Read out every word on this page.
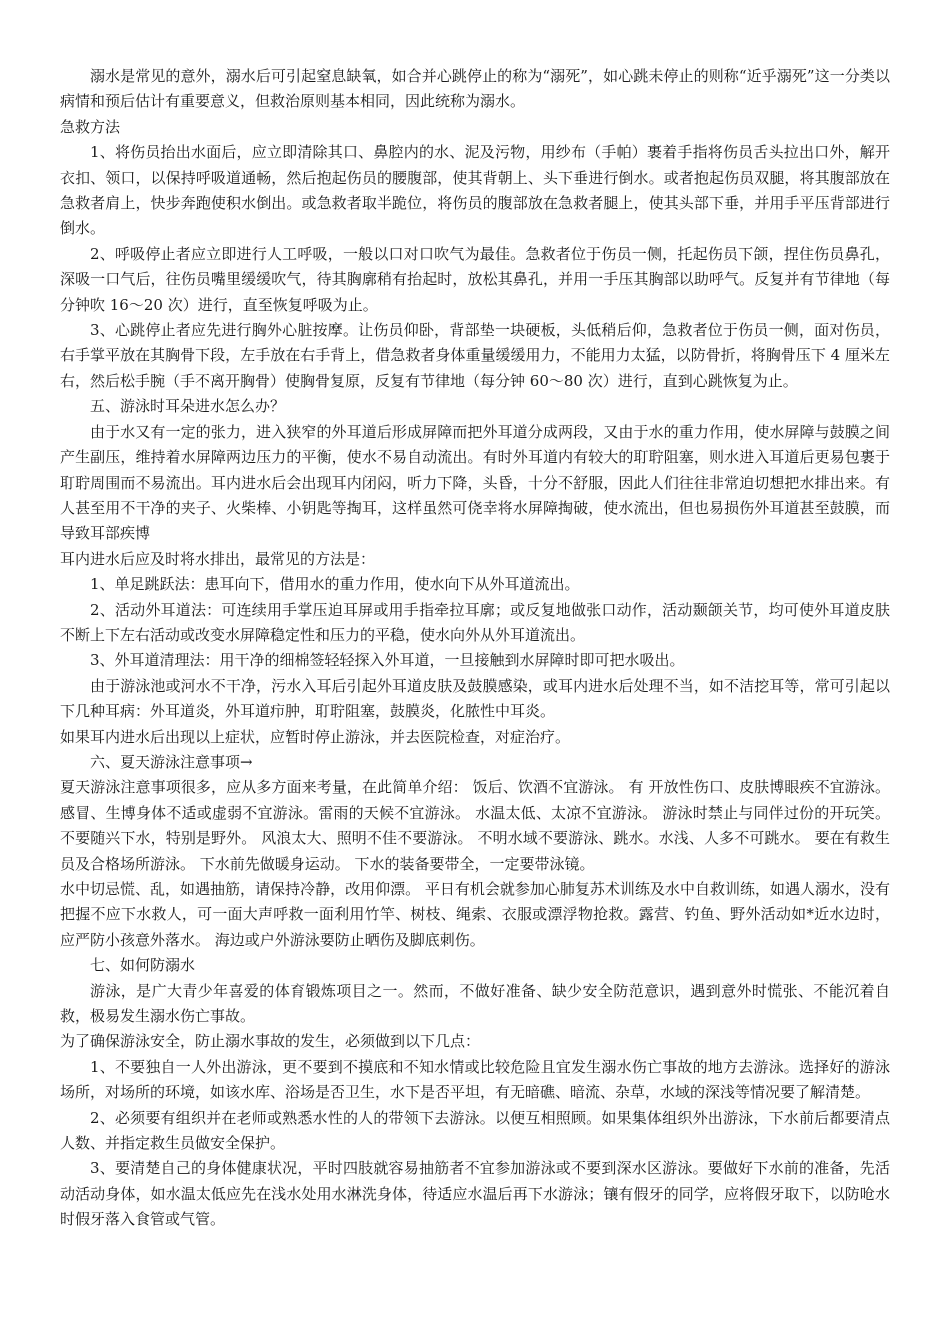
溺水是常见的意外，溺水后可引起窒息缺氧，如合并心跳停止的称为“溺死”，如心跳未停止的则称“近乎溺死”这一分类以病情和预后估计有重要意义，但救治原则基本相同，因此统称为溺水。

急救方法

1、将伤员抬出水面后，应立即清除其口、鼻腔内的水、泥及污物，用纱布（手帕）裹着手指将伤员舌头拉出口外，解开衣扣、领口，以保持呼吸道通畅，然后抱起伤员的腰腹部，使其背朝上、头下垂进行倒水。或者抱起伤员双腿，将其腹部放在急救者肩上，快步奔跑使积水倒出。或急救者取半跪位，将伤员的腹部放在急救者腿上，使其头部下垂，并用手平压背部进行倒水。

2、呼吸停止者应立即进行人工呼吸，一般以口对口吹气为最佳。急救者位于伤员一侧，托起伤员下颌，捏住伤员鼻孔，深吸一口气后，往伤员嘴里缓缓吹气，待其胸廓稍有抬起时，放松其鼻孔，并用一手压其胸部以助呼气。反复并有节律地（每分钟吹 16～20 次）进行，直至恢复呼吸为止。

3、心跳停止者应先进行胸外心脏按摩。让伤员仰卧，背部垫一块硬板，头低稍后仰，急救者位于伤员一侧，面对伤员，右手掌平放在其胸骨下段，左手放在右手背上，借急救者身体重量缓缓用力，不能用力太猛，以防骨折，将胸骨压下 4 厘米左右，然后松手腕（手不离开胸骨）使胸骨复原，反复有节律地（每分钟 60～80 次）进行，直到心跳恢复为止。

五、游泳时耳朵进水怎么办？

由于水又有一定的张力，进入狭窄的外耳道后形成屏障而把外耳道分成两段，又由于水的重力作用，使水屏障与鼓膜之间产生副压，维持着水屏障两边压力的平衡，使水不易自动流出。有时外耳道内有较大的耵聍阻塞，则水进入耳道后更易包裹于耵聍周围而不易流出。耳内进水后会出现耳内闭闷，听力下降，头昏，十分不舒服，因此人们往往非常迫切想把水排出来。有人甚至用不干净的夹子、火柴棒、小钥匙等掏耳，这样虽然可侥幸将水屏障掏破，使水流出，但也易损伤外耳道甚至鼓膜，而导致耳部疾博

耳内进水后应及时将水排出，最常见的方法是：

1、单足跳跃法：患耳向下，借用水的重力作用，使水向下从外耳道流出。

2、活动外耳道法：可连续用手掌压迫耳屏或用手指牵拉耳廓；或反复地做张口动作，活动颞颌关节，均可使外耳道皮肤不断上下左右活动或改变水屏障稳定性和压力的平稳，使水向外从外耳道流出。

3、外耳道清理法：用干净的细棉签轻轻探入外耳道，一旦接触到水屏障时即可把水吸出。

由于游泳池或河水不干净，污水入耳后引起外耳道皮肤及鼓膜感染，或耳内进水后处理不当，如不洁挖耳等，常可引起以下几种耳病：外耳道炎，外耳道疖肿，耵聍阻塞，鼓膜炎，化脓性中耳炎。

如果耳内进水后出现以上症状，应暂时停止游泳，并去医院检查，对症治疗。

六、夏天游泳注意事项→

夏天游泳注意事项很多，应从多方面来考量，在此简单介绍： 饭后、饮酒不宜游泳。 有 开放性伤口、皮肤博眼疾不宜游泳。 感冒、生博身体不适或虚弱不宜游泳。雷雨的天候不宜游泳。 水温太低、太凉不宜游泳。 游泳时禁止与同伴过份的开玩笑。 不要随兴下水，特别是野外。 风浪太大、照明不佳不要游泳。 不明水域不要游泳、跳水。水浅、人多不可跳水。 要在有救生员及合格场所游泳。 下水前先做暖身运动。 下水的装备要带全，一定要带泳镜。

水中切忌慌、乱，如遇抽筋，请保持冷静，改用仰漂。 平日有机会就参加心肺复苏术训练及水中自救训练，如遇人溺水，没有把握不应下水救人，可一面大声呼救一面利用竹竿、树枝、绳索、衣服或漂浮物抢救。露营、钓鱼、野外活动如*近水边时，应严防小孩意外落水。 海边或户外游泳要防止晒伤及脚底刺伤。

七、如何防溺水

游泳，是广大青少年喜爱的体育锻炼项目之一。然而，不做好准备、缺少安全防范意识，遇到意外时慌张、不能沉着自救，极易发生溺水伤亡事故。

为了确保游泳安全，防止溺水事故的发生，必须做到以下几点：

1、不要独自一人外出游泳，更不要到不摸底和不知水情或比较危险且宜发生溺水伤亡事故的地方去游泳。选择好的游泳场所，对场所的环境，如该水库、浴场是否卫生，水下是否平坦，有无暗礁、暗流、杂草，水域的深浅等情况要了解清楚。

2、必须要有组织并在老师或熟悉水性的人的带领下去游泳。以便互相照顾。如果集体组织外出游泳，下水前后都要清点人数、并指定救生员做安全保护。

3、要清楚自己的身体健康状况，平时四肢就容易抽筋者不宜参加游泳或不要到深水区游泳。要做好下水前的准备，先活动活动身体，如水温太低应先在浅水处用水淋洗身体，待适应水温后再下水游泳；镶有假牙的同学，应将假牙取下，以防呛水时假牙落入食管或气管。
